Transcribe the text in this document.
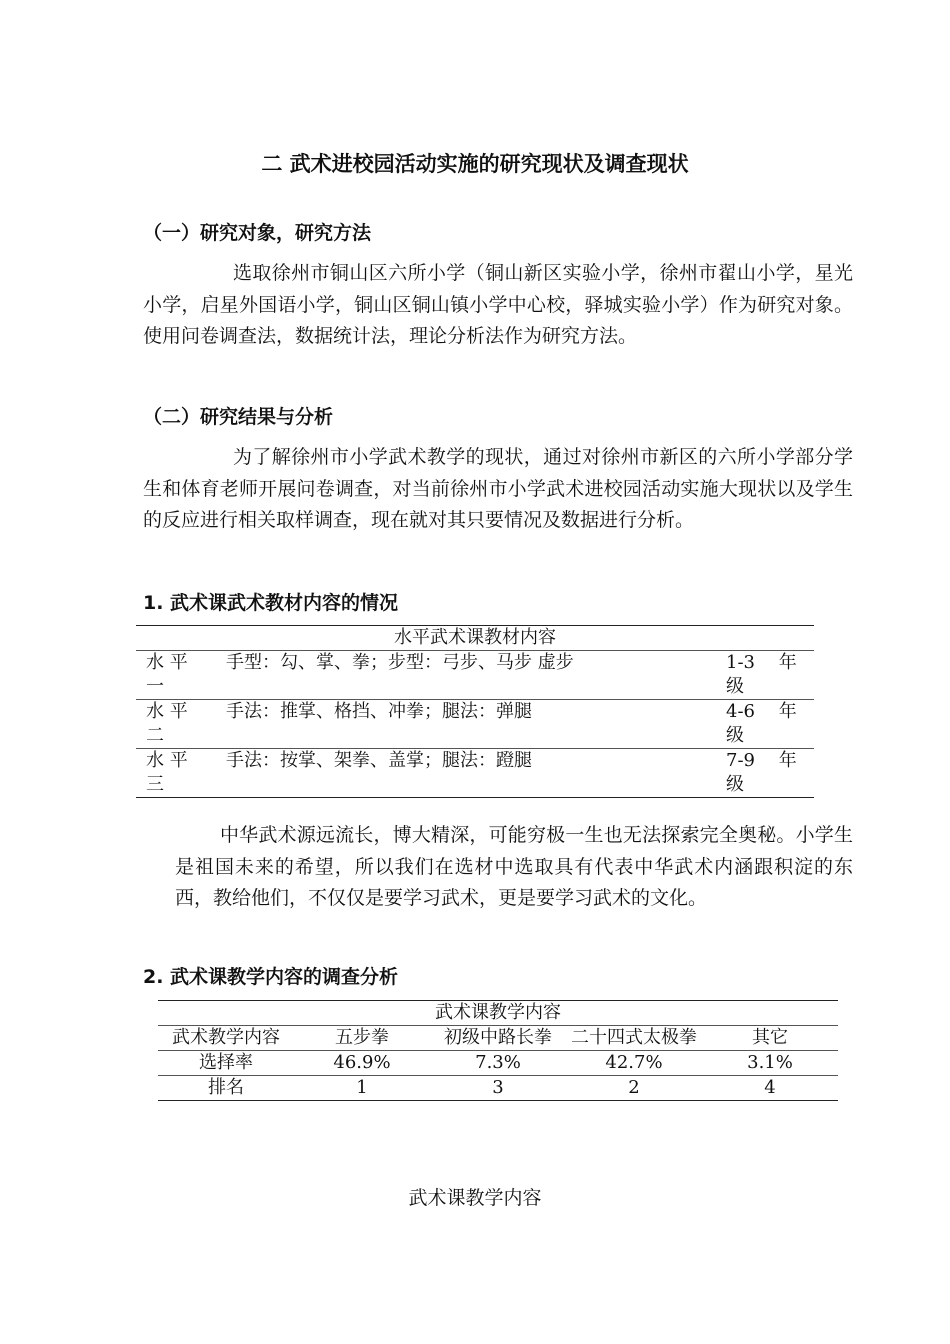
二 武术进校园活动实施的研究现状及调查现状
（一）研究对象，研究方法

选取徐州市铜山区六所小学（铜山新区实验小学，徐州市翟山小学，星光小学，启星外国语小学，铜山区铜山镇小学中心校，驿城实验小学）作为研究对象。使用问卷调查法，数据统计法，理论分析法作为研究方法。

（二）研究结果与分析

为了解徐州市小学武术教学的现状，通过对徐州市新区的六所小学部分学生和体育老师开展问卷调查，对当前徐州市小学武术进校园活动实施大现状以及学生的反应进行相关取样调查，现在就对其只要情况及数据进行分析。

1. 武术课武术教材内容的情况
水平武术课教材内容		

水 平
一	手型：勾、掌、拳；步型：弓步、马步 虚步	1-3　 年
级

水 平
二	手法：推掌、格挡、冲拳；腿法：弹腿	4-6　 年
级

水 平
三	手法：按掌、架拳、盖掌；腿法：蹬腿	7-9　 年
级

中华武术源远流长，博大精深，可能穷极一生也无法探索完全奥秘。小学生是祖国未来的希望，所以我们在选材中选取具有代表中华武术内涵跟积淀的东西，教给他们，不仅仅是要学习武术，更是要学习武术的文化。

2. 武术课教学内容的调查分析
武术课教学内容				
武术教学内容	五步拳	初级中路长拳	二十四式太极拳	其它
选择率	46.9%	7.3%	42.7%	3.1%
排名	1	3	2	4
武术课教学内容
